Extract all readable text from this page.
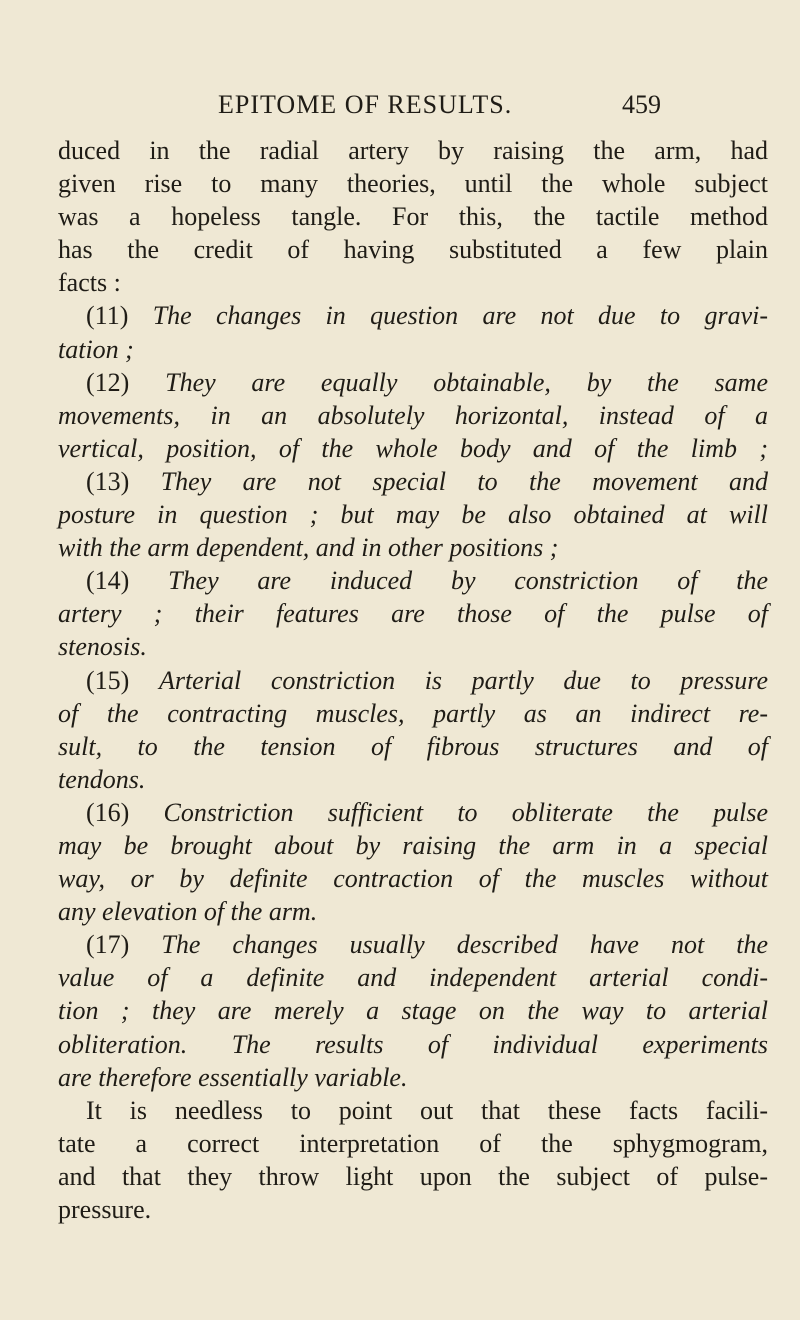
EPITOME OF RESULTS.	459
duced in the radial artery by raising the arm, had
given rise to many theories, until the whole subject
was a hopeless tangle. For this, the tactile method
has the credit of having substituted a few plain
facts :
(11) The changes in question are not due to gravi-
tation ;
(12) They are equally obtainable, by the same
movements, in an absolutely horizontal, instead of a
vertical, position, of the whole body and of the limb ;
(13) They are not special to the movement and
posture in question ; but may be also obtained at will
with the arm dependent, and in other positions ;
(14) They are induced by constriction of the
artery ; their features are those of the pulse of
stenosis.
(15) Arterial constriction is partly due to pressure
of the contracting muscles, partly as an indirect re-
sult, to the tension of fibrous structures and of
tendons.
(16) Constriction sufficient to obliterate the pulse
may be brought about by raising the arm in a special
way, or by definite contraction of the muscles without
any elevation of the arm.
(17) The changes usually described have not the
value of a definite and independent arterial condi-
tion ; they are merely a stage on the way to arterial
obliteration. The results of individual experiments
are therefore essentially variable.
It is needless to point out that these facts facili-
tate a correct interpretation of the sphygmogram,
and that they throw light upon the subject of pulse-
pressure.
